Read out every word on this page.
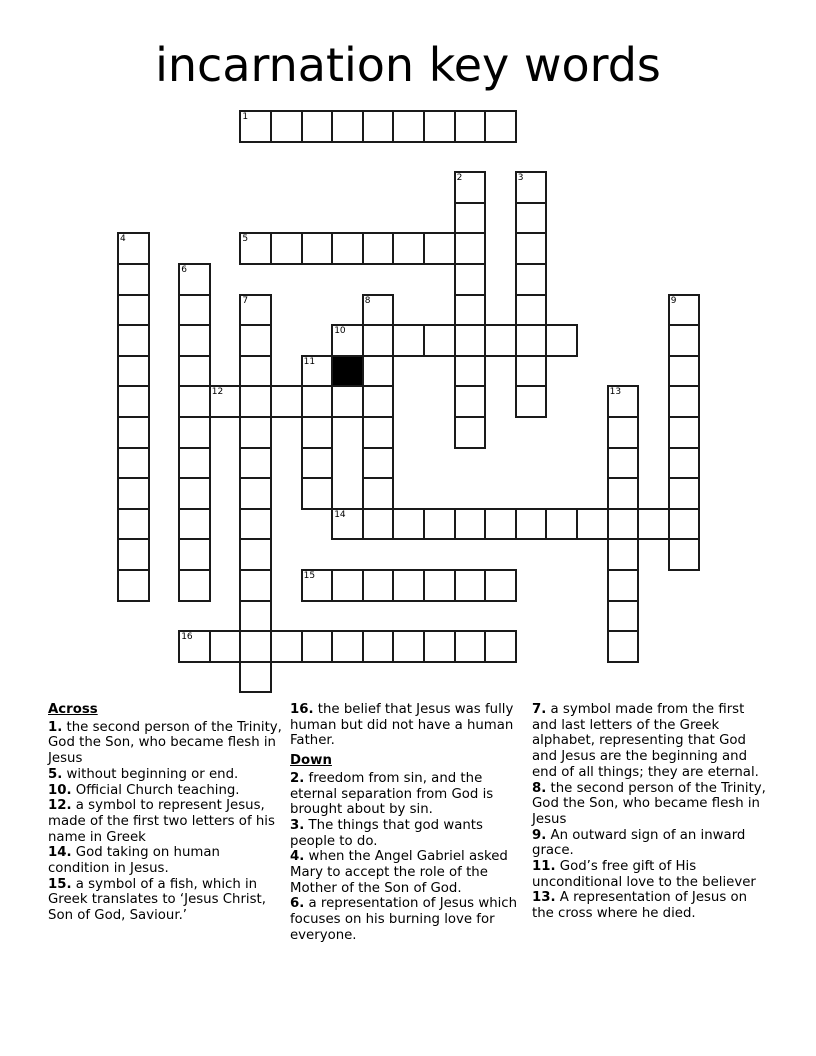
incarnation key words
1
2	3
4	5
6
7	8	9
10
11
12	13
14
15
16
Across

1. the second person of the Trinity, God the Son, who became flesh in Jesus

5. without beginning or end.

10. Official Church teaching.

12. a symbol to represent Jesus, made of the first two letters of his name in Greek

14. God taking on human condition in Jesus.

15. a symbol of a fish, which in Greek translates to ‘Jesus Christ, Son of God, Saviour.’

16. the belief that Jesus was fully human but did not have a human Father.

Down

2. freedom from sin, and the eternal separation from God is brought about by sin.

3. The things that god wants people to do.

4. when the Angel Gabriel asked Mary to accept the role of the Mother of the Son of God.

6. a representation of Jesus which focuses on his burning love for everyone.

7. a symbol made from the first and last letters of the Greek alphabet, representing that God and Jesus are the beginning and end of all things; they are eternal.

8. the second person of the Trinity, God the Son, who became flesh in Jesus

9. An outward sign of an inward grace.

11. God’s free gift of His unconditional love to the believer

13. A representation of Jesus on the cross where he died.
